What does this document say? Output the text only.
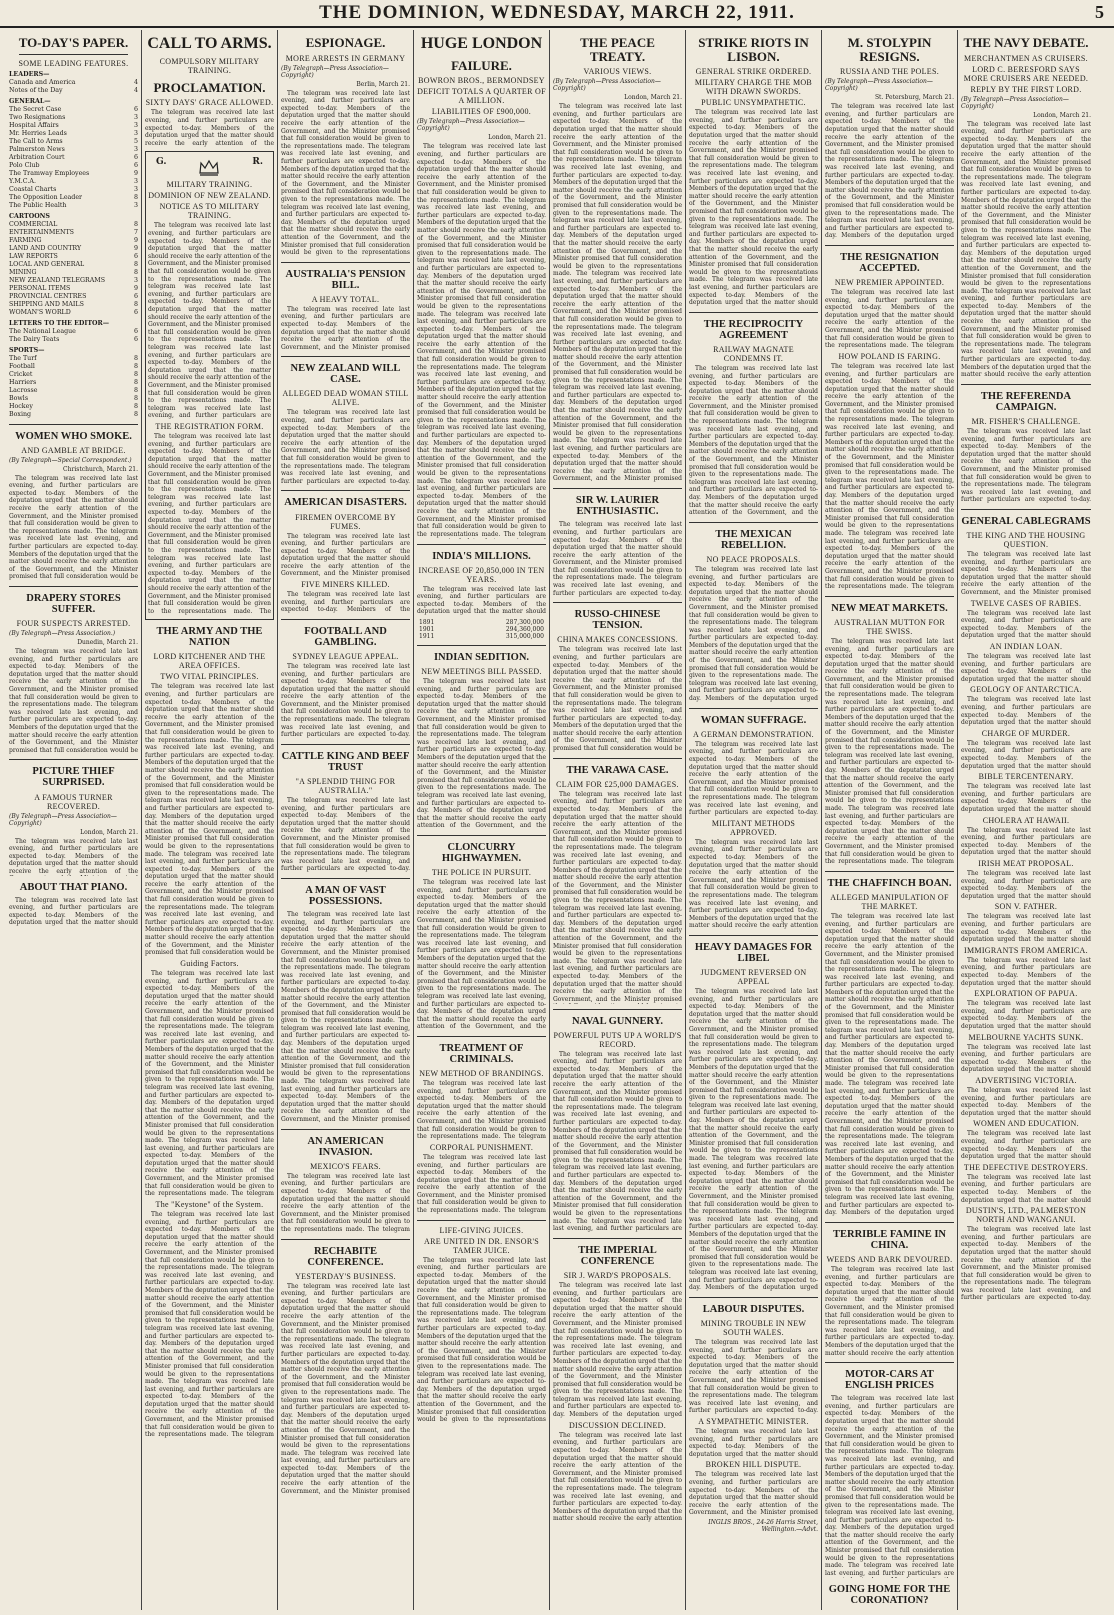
THE DOMINION, WEDNESDAY, MARCH 22, 1911.	5
TO-DAY'S PAPER.
SOME LEADING FEATURES.
LEADERS—
Canada and America	4
Notes of the Day	4
GENERAL—
The Secret Case	6
Two Resignations	3
Hospital Affairs	3
Mr. Herries Leads	3
The Call to Arms	5
Palmerston News	3
Arbitration Court	6
Polo Club	6
The Tramway Employees	9
Y.M.C.A.	3
Coastal Charts	3
The Opposition Leader	8
The Public Health	3
CARTOONS
COMMERCIAL	8
ENTERTAINMENTS	7
FARMING	9
LAND AND COUNTRY	9
LAW REPORTS	6
LOCAL AND GENERAL	8
MINING	8
NEW ZEALAND TELEGRAMS	3
PERSONAL ITEMS	9
PROVINCIAL CENTRES	6
SHIPPING AND MAILS	8
WOMAN'S WORLD	6
LETTERS TO THE EDITOR—
The National League	6
The Dairy Teats	6
SPORTS—
The Turf	8
Football	8
Cricket	8
Harriers	8
Lacrosse	8
Bowls	8
Hockey	8
Boxing	8
WOMEN WHO SMOKE.
AND GAMBLE AT BRIDGE.
(By Telegraph—Special Correspondent.)
Christchurch, March 21.
The telegram was received late last evening, and further particulars are expected to-day. Members of the deputation urged that the matter should receive the early attention of the Government, and the Minister promised that full consideration would be given to the representations made. The telegram was received late last evening, and further particulars are expected to-day. Members of the deputation urged that the matter should receive the early attention of the Government, and the Minister promised that full consideration would be
DRAPERY STORES SUFFER.
FOUR SUSPECTS ARRESTED.
(By Telegraph—Press Association.)
Dunedin, March 21.
The telegram was received late last evening, and further particulars are expected to-day. Members of the deputation urged that the matter should receive the early attention of the Government, and the Minister promised that full consideration would be given to the representations made. The telegram was received late last evening, and further particulars are expected to-day. Members of the deputation urged that the matter should receive the early attention of the Government, and the Minister promised that full consideration would be
PICTURE THIEF SURPRISED.
A FAMOUS TURNER RECOVERED.
(By Telegraph—Press Association—Copyright)
London, March 21.
The telegram was received late last evening, and further particulars are expected to-day. Members of the deputation urged that the matter should receive the early attention of the
ABOUT THAT PIANO.
The telegram was received late last evening, and further particulars are expected to-day. Members of the deputation urged that the matter should
CALL TO ARMS.
COMPULSORY MILITARY TRAINING.
PROCLAMATION.
SIXTY DAYS' GRACE ALLOWED.
The telegram was received late last evening, and further particulars are expected to-day. Members of the deputation urged that the matter should receive the early attention of the
G.	R.
MILITARY TRAINING.
DOMINION OF NEW ZEALAND.
NOTICE AS TO MILITARY TRAINING.
The telegram was received late last evening, and further particulars are expected to-day. Members of the deputation urged that the matter should receive the early attention of the Government, and the Minister promised that full consideration would be given to the representations made. The telegram was received late last evening, and further particulars are expected to-day. Members of the deputation urged that the matter should receive the early attention of the Government, and the Minister promised that full consideration would be given to the representations made. The telegram was received late last evening, and further particulars are expected to-day. Members of the deputation urged that the matter should receive the early attention of the Government, and the Minister promised that full consideration would be given to the representations made. The telegram was received late last evening, and further particulars are
THE REGISTRATION FORM.
The telegram was received late last evening, and further particulars are expected to-day. Members of the deputation urged that the matter should receive the early attention of the Government, and the Minister promised that full consideration would be given to the representations made. The telegram was received late last evening, and further particulars are expected to-day. Members of the deputation urged that the matter should receive the early attention of the Government, and the Minister promised that full consideration would be given to the representations made. The telegram was received late last evening, and further particulars are expected to-day. Members of the deputation urged that the matter should receive the early attention of the Government, and the Minister promised that full consideration would be given to the representations made. The
THE ARMY AND THE NATION
LORD KITCHENER AND THE AREA OFFICES.
TWO VITAL PRINCIPLES.
The telegram was received late last evening, and further particulars are expected to-day. Members of the deputation urged that the matter should receive the early attention of the Government, and the Minister promised that full consideration would be given to the representations made. The telegram was received late last evening, and further particulars are expected to-day. Members of the deputation urged that the matter should receive the early attention of the Government, and the Minister promised that full consideration would be given to the representations made. The telegram was received late last evening, and further particulars are expected to-day. Members of the deputation urged that the matter should receive the early attention of the Government, and the Minister promised that full consideration would be given to the representations made. The telegram was received late last evening, and further particulars are expected to-day. Members of the deputation urged that the matter should receive the early attention of the Government, and the Minister promised that full consideration would be given to the representations made. The telegram was received late last evening, and further particulars are expected to-day. Members of the deputation urged that the matter should receive the early attention of the Government, and the Minister promised that full consideration would be
Guiding Factors.
The telegram was received late last evening, and further particulars are expected to-day. Members of the deputation urged that the matter should receive the early attention of the Government, and the Minister promised that full consideration would be given to the representations made. The telegram was received late last evening, and further particulars are expected to-day. Members of the deputation urged that the matter should receive the early attention of the Government, and the Minister promised that full consideration would be given to the representations made. The telegram was received late last evening, and further particulars are expected to-day. Members of the deputation urged that the matter should receive the early attention of the Government, and the Minister promised that full consideration would be given to the representations made. The telegram was received late last evening, and further particulars are expected to-day. Members of the deputation urged that the matter should receive the early attention of the Government, and the Minister promised that full consideration would be given to the representations made. The telegram
The "Keystone" of the System.
The telegram was received late last evening, and further particulars are expected to-day. Members of the deputation urged that the matter should receive the early attention of the Government, and the Minister promised that full consideration would be given to the representations made. The telegram was received late last evening, and further particulars are expected to-day. Members of the deputation urged that the matter should receive the early attention of the Government, and the Minister promised that full consideration would be given to the representations made. The telegram was received late last evening, and further particulars are expected to-day. Members of the deputation urged that the matter should receive the early attention of the Government, and the Minister promised that full consideration would be given to the representations made. The telegram was received late last evening, and further particulars are expected to-day. Members of the deputation urged that the matter should receive the early attention of the Government, and the Minister promised that full consideration would be given to the representations made. The telegram
ESPIONAGE.
MORE ARRESTS IN GERMANY
(By Telegraph—Press Association—Copyright)
Berlin, March 21.
The telegram was received late last evening, and further particulars are expected to-day. Members of the deputation urged that the matter should receive the early attention of the Government, and the Minister promised that full consideration would be given to the representations made. The telegram was received late last evening, and further particulars are expected to-day. Members of the deputation urged that the matter should receive the early attention of the Government, and the Minister promised that full consideration would be given to the representations made. The telegram was received late last evening, and further particulars are expected to-day. Members of the deputation urged that the matter should receive the early attention of the Government, and the Minister promised that full consideration would be given to the representations
AUSTRALIA'S PENSION BILL.
A HEAVY TOTAL.
The telegram was received late last evening, and further particulars are expected to-day. Members of the deputation urged that the matter should receive the early attention of the Government, and the Minister promised
NEW ZEALAND WILL CASE.
ALLEGED DEAD WOMAN STILL ALIVE.
The telegram was received late last evening, and further particulars are expected to-day. Members of the deputation urged that the matter should receive the early attention of the Government, and the Minister promised that full consideration would be given to the representations made. The telegram was received late last evening, and further particulars are expected to-day.
AMERICAN DISASTERS.
FIREMEN OVERCOME BY FUMES.
The telegram was received late last evening, and further particulars are expected to-day. Members of the deputation urged that the matter should receive the early attention of the Government, and the Minister promised
FIVE MINERS KILLED.
The telegram was received late last evening, and further particulars are expected to-day. Members of the
FOOTBALL AND GAMBLING.
SYDNEY LEAGUE APPEAL.
The telegram was received late last evening, and further particulars are expected to-day. Members of the deputation urged that the matter should receive the early attention of the Government, and the Minister promised that full consideration would be given to the representations made. The telegram was received late last evening, and further particulars are expected to-day.
CATTLE KING AND BEEF TRUST
"A SPLENDID THING FOR AUSTRALIA."
The telegram was received late last evening, and further particulars are expected to-day. Members of the deputation urged that the matter should receive the early attention of the Government, and the Minister promised that full consideration would be given to the representations made. The telegram was received late last evening, and further particulars are expected to-day.
A MAN OF VAST POSSESSIONS.
The telegram was received late last evening, and further particulars are expected to-day. Members of the deputation urged that the matter should receive the early attention of the Government, and the Minister promised that full consideration would be given to the representations made. The telegram was received late last evening, and further particulars are expected to-day. Members of the deputation urged that the matter should receive the early attention of the Government, and the Minister promised that full consideration would be given to the representations made. The telegram was received late last evening, and further particulars are expected to-day. Members of the deputation urged that the matter should receive the early attention of the Government, and the Minister promised that full consideration would be given to the representations made. The telegram was received late last evening, and further particulars are expected to-day. Members of the deputation urged that the matter should receive the early attention of the Government, and the Minister promised
AN AMERICAN INVASION.
MEXICO'S FEARS.
The telegram was received late last evening, and further particulars are expected to-day. Members of the deputation urged that the matter should receive the early attention of the Government, and the Minister promised that full consideration would be given to the representations made. The telegram
RECHABITE CONFERENCE.
YESTERDAY'S BUSINESS.
The telegram was received late last evening, and further particulars are expected to-day. Members of the deputation urged that the matter should receive the early attention of the Government, and the Minister promised that full consideration would be given to the representations made. The telegram was received late last evening, and further particulars are expected to-day. Members of the deputation urged that the matter should receive the early attention of the Government, and the Minister promised that full consideration would be given to the representations made. The telegram was received late last evening, and further particulars are expected to-day. Members of the deputation urged that the matter should receive the early attention of the Government, and the Minister promised that full consideration would be given to the representations made. The telegram was received late last evening, and further particulars are expected to-day. Members of the deputation urged that the matter should receive the early attention of the Government, and the Minister promised
HUGE LONDON
FAILURE.
BOWRON BROS., BERMONDSEY
DEFICIT TOTALS A QUARTER OF A MILLION.
LIABILITIES OF £900,000.
(By Telegraph—Press Association—Copyright)
London, March 21.
The telegram was received late last evening, and further particulars are expected to-day. Members of the deputation urged that the matter should receive the early attention of the Government, and the Minister promised that full consideration would be given to the representations made. The telegram was received late last evening, and further particulars are expected to-day. Members of the deputation urged that the matter should receive the early attention of the Government, and the Minister promised that full consideration would be given to the representations made. The telegram was received late last evening, and further particulars are expected to-day. Members of the deputation urged that the matter should receive the early attention of the Government, and the Minister promised that full consideration would be given to the representations made. The telegram was received late last evening, and further particulars are expected to-day. Members of the deputation urged that the matter should receive the early attention of the Government, and the Minister promised that full consideration would be given to the representations made. The telegram was received late last evening, and further particulars are expected to-day. Members of the deputation urged that the matter should receive the early attention of the Government, and the Minister promised that full consideration would be given to the representations made. The telegram was received late last evening, and further particulars are expected to-day. Members of the deputation urged that the matter should receive the early attention of the Government, and the Minister promised that full consideration would be given to the representations made. The telegram was received late last evening, and further particulars are expected to-day. Members of the deputation urged that the matter should receive the early attention of the Government, and the Minister promised that full consideration would be given to the representations made. The telegram
INDIA'S MILLIONS.
INCREASE OF 20,850,000 IN TEN YEARS.
The telegram was received late last evening, and further particulars are expected to-day. Members of the deputation urged that the matter should
1891	287,300,000
1901	294,360,000
1911	315,000,000
INDIAN SEDITION.
NEW MEETINGS BILL PASSED.
The telegram was received late last evening, and further particulars are expected to-day. Members of the deputation urged that the matter should receive the early attention of the Government, and the Minister promised that full consideration would be given to the representations made. The telegram was received late last evening, and further particulars are expected to-day. Members of the deputation urged that the matter should receive the early attention of the Government, and the Minister promised that full consideration would be given to the representations made. The telegram was received late last evening, and further particulars are expected to-day. Members of the deputation urged that the matter should receive the early attention of the Government, and the
CLONCURRY HIGHWAYMEN.
THE POLICE IN PURSUIT.
The telegram was received late last evening, and further particulars are expected to-day. Members of the deputation urged that the matter should receive the early attention of the Government, and the Minister promised that full consideration would be given to the representations made. The telegram was received late last evening, and further particulars are expected to-day. Members of the deputation urged that the matter should receive the early attention of the Government, and the Minister promised that full consideration would be given to the representations made. The telegram was received late last evening, and further particulars are expected to-day. Members of the deputation urged that the matter should receive the early attention of the Government, and the
TREATMENT OF CRIMINALS.
NEW METHOD OF BRANDINGS.
The telegram was received late last evening, and further particulars are expected to-day. Members of the deputation urged that the matter should receive the early attention of the Government, and the Minister promised that full consideration would be given to the representations made. The telegram
CORPORAL PUNISHMENT.
The telegram was received late last evening, and further particulars are expected to-day. Members of the deputation urged that the matter should receive the early attention of the Government, and the Minister promised that full consideration would be given to the representations made. The telegram
LIFE-GIVING JUICES.
ARE UNITED IN DR. ENSOR'S TAMER JUICE.
The telegram was received late last evening, and further particulars are expected to-day. Members of the deputation urged that the matter should receive the early attention of the Government, and the Minister promised that full consideration would be given to the representations made. The telegram was received late last evening, and further particulars are expected to-day. Members of the deputation urged that the matter should receive the early attention of the Government, and the Minister promised that full consideration would be given to the representations made. The telegram was received late last evening, and further particulars are expected to-day. Members of the deputation urged that the matter should receive the early attention of the Government, and the Minister promised that full consideration would be given to the representations
THE PEACE TREATY.
VARIOUS VIEWS.
(By Telegraph—Press Association—Copyright)
London, March 21.
The telegram was received late last evening, and further particulars are expected to-day. Members of the deputation urged that the matter should receive the early attention of the Government, and the Minister promised that full consideration would be given to the representations made. The telegram was received late last evening, and further particulars are expected to-day. Members of the deputation urged that the matter should receive the early attention of the Government, and the Minister promised that full consideration would be given to the representations made. The telegram was received late last evening, and further particulars are expected to-day. Members of the deputation urged that the matter should receive the early attention of the Government, and the Minister promised that full consideration would be given to the representations made. The telegram was received late last evening, and further particulars are expected to-day. Members of the deputation urged that the matter should receive the early attention of the Government, and the Minister promised that full consideration would be given to the representations made. The telegram was received late last evening, and further particulars are expected to-day. Members of the deputation urged that the matter should receive the early attention of the Government, and the Minister promised that full consideration would be given to the representations made. The telegram was received late last evening, and further particulars are expected to-day. Members of the deputation urged that the matter should receive the early attention of the Government, and the Minister promised that full consideration would be given to the representations made. The telegram was received late last evening, and further particulars are expected to-day. Members of the deputation urged that the matter should receive the early attention of the Government, and the Minister promised
SIR W. LAURIER ENTHUSIASTIC.
The telegram was received late last evening, and further particulars are expected to-day. Members of the deputation urged that the matter should receive the early attention of the Government, and the Minister promised that full consideration would be given to the representations made. The telegram was received late last evening, and further particulars are expected to-day.
RUSSO-CHINESE TENSION.
CHINA MAKES CONCESSIONS.
The telegram was received late last evening, and further particulars are expected to-day. Members of the deputation urged that the matter should receive the early attention of the Government, and the Minister promised that full consideration would be given to the representations made. The telegram was received late last evening, and further particulars are expected to-day. Members of the deputation urged that the matter should receive the early attention of the Government, and the Minister promised that full consideration would be
THE VARAWA CASE.
CLAIM FOR £25,000 DAMAGES.
The telegram was received late last evening, and further particulars are expected to-day. Members of the deputation urged that the matter should receive the early attention of the Government, and the Minister promised that full consideration would be given to the representations made. The telegram was received late last evening, and further particulars are expected to-day. Members of the deputation urged that the matter should receive the early attention of the Government, and the Minister promised that full consideration would be given to the representations made. The telegram was received late last evening, and further particulars are expected to-day. Members of the deputation urged that the matter should receive the early attention of the Government, and the Minister promised that full consideration would be given to the representations made. The telegram was received late last evening, and further particulars are expected to-day. Members of the deputation urged that the matter should receive the early attention of the Government, and the Minister promised
NAVAL GUNNERY.
POWERFUL PUTS UP A WORLD'S RECORD.
The telegram was received late last evening, and further particulars are expected to-day. Members of the deputation urged that the matter should receive the early attention of the Government, and the Minister promised that full consideration would be given to the representations made. The telegram was received late last evening, and further particulars are expected to-day. Members of the deputation urged that the matter should receive the early attention of the Government, and the Minister promised that full consideration would be given to the representations made. The telegram was received late last evening, and further particulars are expected to-day. Members of the deputation urged that the matter should receive the early attention of the Government, and the Minister promised that full consideration would be given to the representations made. The telegram was received late last evening, and further particulars are
THE IMPERIAL CONFERENCE
SIR J. WARD'S PROPOSALS.
The telegram was received late last evening, and further particulars are expected to-day. Members of the deputation urged that the matter should receive the early attention of the Government, and the Minister promised that full consideration would be given to the representations made. The telegram was received late last evening, and further particulars are expected to-day. Members of the deputation urged that the matter should receive the early attention of the Government, and the Minister promised that full consideration would be given to the representations made. The telegram was received late last evening, and further particulars are expected to-day. Members of the deputation urged
DISCUSSION DECLINED.
The telegram was received late last evening, and further particulars are expected to-day. Members of the deputation urged that the matter should receive the early attention of the Government, and the Minister promised that full consideration would be given to the representations made. The telegram was received late last evening, and further particulars are expected to-day. Members of the deputation urged that the matter should receive the early attention
STRIKE RIOTS IN LISBON.
GENERAL STRIKE ORDERED.
MILITARY CHARGE THE MOB WITH DRAWN SWORDS.
PUBLIC UNSYMPATHETIC.
The telegram was received late last evening, and further particulars are expected to-day. Members of the deputation urged that the matter should receive the early attention of the Government, and the Minister promised that full consideration would be given to the representations made. The telegram was received late last evening, and further particulars are expected to-day. Members of the deputation urged that the matter should receive the early attention of the Government, and the Minister promised that full consideration would be given to the representations made. The telegram was received late last evening, and further particulars are expected to-day. Members of the deputation urged that the matter should receive the early attention of the Government, and the Minister promised that full consideration would be given to the representations made. The telegram was received late last evening, and further particulars are expected to-day. Members of the deputation urged that the matter should
THE RECIPROCITY AGREEMENT
RAILWAY MAGNATE CONDEMNS IT.
The telegram was received late last evening, and further particulars are expected to-day. Members of the deputation urged that the matter should receive the early attention of the Government, and the Minister promised that full consideration would be given to the representations made. The telegram was received late last evening, and further particulars are expected to-day. Members of the deputation urged that the matter should receive the early attention of the Government, and the Minister promised that full consideration would be given to the representations made. The telegram was received late last evening, and further particulars are expected to-day. Members of the deputation urged that the matter should receive the early attention of the Government, and the
THE MEXICAN REBELLION.
NO PEACE PROPOSALS.
The telegram was received late last evening, and further particulars are expected to-day. Members of the deputation urged that the matter should receive the early attention of the Government, and the Minister promised that full consideration would be given to the representations made. The telegram was received late last evening, and further particulars are expected to-day. Members of the deputation urged that the matter should receive the early attention of the Government, and the Minister promised that full consideration would be given to the representations made. The telegram was received late last evening, and further particulars are expected to-day. Members of the deputation urged
WOMAN SUFFRAGE.
A GERMAN DEMONSTRATION.
The telegram was received late last evening, and further particulars are expected to-day. Members of the deputation urged that the matter should receive the early attention of the Government, and the Minister promised that full consideration would be given to the representations made. The telegram was received late last evening, and further particulars are expected to-day.
MILITANT METHODS APPROVED.
The telegram was received late last evening, and further particulars are expected to-day. Members of the deputation urged that the matter should receive the early attention of the Government, and the Minister promised that full consideration would be given to the representations made. The telegram was received late last evening, and further particulars are expected to-day. Members of the deputation urged that the matter should receive the early attention
HEAVY DAMAGES FOR LIBEL
JUDGMENT REVERSED ON APPEAL
The telegram was received late last evening, and further particulars are expected to-day. Members of the deputation urged that the matter should receive the early attention of the Government, and the Minister promised that full consideration would be given to the representations made. The telegram was received late last evening, and further particulars are expected to-day. Members of the deputation urged that the matter should receive the early attention of the Government, and the Minister promised that full consideration would be given to the representations made. The telegram was received late last evening, and further particulars are expected to-day. Members of the deputation urged that the matter should receive the early attention of the Government, and the Minister promised that full consideration would be given to the representations made. The telegram was received late last evening, and further particulars are expected to-day. Members of the deputation urged that the matter should receive the early attention of the Government, and the Minister promised that full consideration would be given to the representations made. The telegram was received late last evening, and further particulars are expected to-day. Members of the deputation urged that the matter should receive the early attention of the Government, and the Minister promised that full consideration would be given to the representations made. The telegram was received late last evening, and further particulars are expected to-day. Members of the deputation urged
LABOUR DISPUTES.
MINING TROUBLE IN NEW SOUTH WALES.
The telegram was received late last evening, and further particulars are expected to-day. Members of the deputation urged that the matter should receive the early attention of the Government, and the Minister promised that full consideration would be given to the representations made. The telegram was received late last evening, and further particulars are expected to-day.
A SYMPATHETIC MINISTER.
The telegram was received late last evening, and further particulars are expected to-day. Members of the deputation urged that the matter should
BROKEN HILL DISPUTE.
The telegram was received late last evening, and further particulars are expected to-day. Members of the deputation urged that the matter should receive the early attention of the Government, and the Minister promised
INGLIS BROS., 24-26 Harris Street, Wellington.—Advt.
M. STOLYPIN RESIGNS.
RUSSIA AND THE POLES.
(By Telegraph—Press Association—Copyright)
St. Petersburg, March 21.
The telegram was received late last evening, and further particulars are expected to-day. Members of the deputation urged that the matter should receive the early attention of the Government, and the Minister promised that full consideration would be given to the representations made. The telegram was received late last evening, and further particulars are expected to-day. Members of the deputation urged that the matter should receive the early attention of the Government, and the Minister promised that full consideration would be given to the representations made. The telegram was received late last evening, and further particulars are expected to-day. Members of the deputation urged
THE RESIGNATION ACCEPTED.
NEW PREMIER APPOINTED.
The telegram was received late last evening, and further particulars are expected to-day. Members of the deputation urged that the matter should receive the early attention of the Government, and the Minister promised that full consideration would be given to the representations made. The telegram
HOW POLAND IS FARING.
The telegram was received late last evening, and further particulars are expected to-day. Members of the deputation urged that the matter should receive the early attention of the Government, and the Minister promised that full consideration would be given to the representations made. The telegram was received late last evening, and further particulars are expected to-day. Members of the deputation urged that the matter should receive the early attention of the Government, and the Minister promised that full consideration would be given to the representations made. The telegram was received late last evening, and further particulars are expected to-day. Members of the deputation urged that the matter should receive the early attention of the Government, and the Minister promised that full consideration would be given to the representations made. The telegram was received late last evening, and further particulars are expected to-day. Members of the deputation urged that the matter should receive the early attention of the Government, and the Minister promised that full consideration would be given to the representations made. The telegram
NEW MEAT MARKETS.
AUSTRALIAN MUTTON FOR THE SWISS.
The telegram was received late last evening, and further particulars are expected to-day. Members of the deputation urged that the matter should receive the early attention of the Government, and the Minister promised that full consideration would be given to the representations made. The telegram was received late last evening, and further particulars are expected to-day. Members of the deputation urged that the matter should receive the early attention of the Government, and the Minister promised that full consideration would be given to the representations made. The telegram was received late last evening, and further particulars are expected to-day. Members of the deputation urged that the matter should receive the early attention of the Government, and the Minister promised that full consideration would be given to the representations made. The telegram was received late last evening, and further particulars are expected to-day. Members of the deputation urged that the matter should receive the early attention of the Government, and the Minister promised that full consideration would be given to the representations made. The telegram
THE CHAFFINCH BOAN.
ALLEGED MANIPULATION OF THE MARKET.
The telegram was received late last evening, and further particulars are expected to-day. Members of the deputation urged that the matter should receive the early attention of the Government, and the Minister promised that full consideration would be given to the representations made. The telegram was received late last evening, and further particulars are expected to-day. Members of the deputation urged that the matter should receive the early attention of the Government, and the Minister promised that full consideration would be given to the representations made. The telegram was received late last evening, and further particulars are expected to-day. Members of the deputation urged that the matter should receive the early attention of the Government, and the Minister promised that full consideration would be given to the representations made. The telegram was received late last evening, and further particulars are expected to-day. Members of the deputation urged that the matter should receive the early attention of the Government, and the Minister promised that full consideration would be given to the representations made. The telegram was received late last evening, and further particulars are expected to-day. Members of the deputation urged that the matter should receive the early attention of the Government, and the Minister promised that full consideration would be given to the representations made. The telegram was received late last evening, and further particulars are expected to-day. Members of the deputation urged
TERRIBLE FAMINE IN CHINA.
WEEDS AND BARK DEVOURED.
The telegram was received late last evening, and further particulars are expected to-day. Members of the deputation urged that the matter should receive the early attention of the Government, and the Minister promised that full consideration would be given to the representations made. The telegram was received late last evening, and further particulars are expected to-day. Members of the deputation urged that the matter should receive the early attention
MOTOR-CARS AT ENGLISH PRICES
The telegram was received late last evening, and further particulars are expected to-day. Members of the deputation urged that the matter should receive the early attention of the Government, and the Minister promised that full consideration would be given to the representations made. The telegram was received late last evening, and further particulars are expected to-day. Members of the deputation urged that the matter should receive the early attention of the Government, and the Minister promised that full consideration would be given to the representations made. The telegram was received late last evening, and further particulars are expected to-day. Members of the deputation urged that the matter should receive the early attention of the Government, and the Minister promised that full consideration would be given to the representations made. The telegram was received late last evening, and further particulars are
GOING HOME FOR THE CORONATION?
THE NAVY DEBATE.
MERCHANTMEN AS CRUISERS.
LORD C. BERESFORD SAYS MORE CRUISERS ARE NEEDED.
REPLY BY THE FIRST LORD.
(By Telegraph—Press Association—Copyright)
London, March 21.
The telegram was received late last evening, and further particulars are expected to-day. Members of the deputation urged that the matter should receive the early attention of the Government, and the Minister promised that full consideration would be given to the representations made. The telegram was received late last evening, and further particulars are expected to-day. Members of the deputation urged that the matter should receive the early attention of the Government, and the Minister promised that full consideration would be given to the representations made. The telegram was received late last evening, and further particulars are expected to-day. Members of the deputation urged that the matter should receive the early attention of the Government, and the Minister promised that full consideration would be given to the representations made. The telegram was received late last evening, and further particulars are expected to-day. Members of the deputation urged that the matter should receive the early attention of the Government, and the Minister promised that full consideration would be given to the representations made. The telegram was received late last evening, and further particulars are expected to-day. Members of the deputation urged that the matter should receive the early attention
THE REFERENDA CAMPAIGN.
MR. FISHER'S CHALLENGE.
The telegram was received late last evening, and further particulars are expected to-day. Members of the deputation urged that the matter should receive the early attention of the Government, and the Minister promised that full consideration would be given to the representations made. The telegram was received late last evening, and further particulars are expected to-day.
GENERAL CABLEGRAMS
THE KING AND THE HOUSING QUESTION.
The telegram was received late last evening, and further particulars are expected to-day. Members of the deputation urged that the matter should receive the early attention of the Government, and the Minister promised
TWELVE CASES OF RABIES.
The telegram was received late last evening, and further particulars are expected to-day. Members of the deputation urged that the matter should
AN INDIAN LOAN.
The telegram was received late last evening, and further particulars are expected to-day. Members of the deputation urged that the matter should
GEOLOGY OF ANTARCTICA.
The telegram was received late last evening, and further particulars are expected to-day. Members of the deputation urged that the matter should
CHARGE OF MURDER.
The telegram was received late last evening, and further particulars are expected to-day. Members of the deputation urged that the matter should
BIBLE TERCENTENARY.
The telegram was received late last evening, and further particulars are expected to-day. Members of the deputation urged that the matter should
CHOLERA AT HAWAII.
The telegram was received late last evening, and further particulars are expected to-day. Members of the deputation urged that the matter should
IRISH MEAT PROPOSAL.
The telegram was received late last evening, and further particulars are expected to-day. Members of the deputation urged that the matter should
SON V. FATHER.
The telegram was received late last evening, and further particulars are expected to-day. Members of the deputation urged that the matter should
IMMIGRANTS FROM AMERICA.
The telegram was received late last evening, and further particulars are expected to-day. Members of the deputation urged that the matter should
EXPLORATION OF PAPUA.
The telegram was received late last evening, and further particulars are expected to-day. Members of the deputation urged that the matter should
MELBOURNE YACHTS SUNK.
The telegram was received late last evening, and further particulars are expected to-day. Members of the deputation urged that the matter should
ADVERTISING VICTORIA.
The telegram was received late last evening, and further particulars are expected to-day. Members of the deputation urged that the matter should
WOMEN AND EDUCATION.
The telegram was received late last evening, and further particulars are expected to-day. Members of the deputation urged that the matter should
THE DEFECTIVE DESTROYERS.
The telegram was received late last evening, and further particulars are expected to-day. Members of the deputation urged that the matter should
DUSTIN'S, LTD., PALMERSTON NORTH AND WANGANUI.
The telegram was received late last evening, and further particulars are expected to-day. Members of the deputation urged that the matter should receive the early attention of the Government, and the Minister promised that full consideration would be given to the representations made. The telegram was received late last evening, and further particulars are expected to-day.
